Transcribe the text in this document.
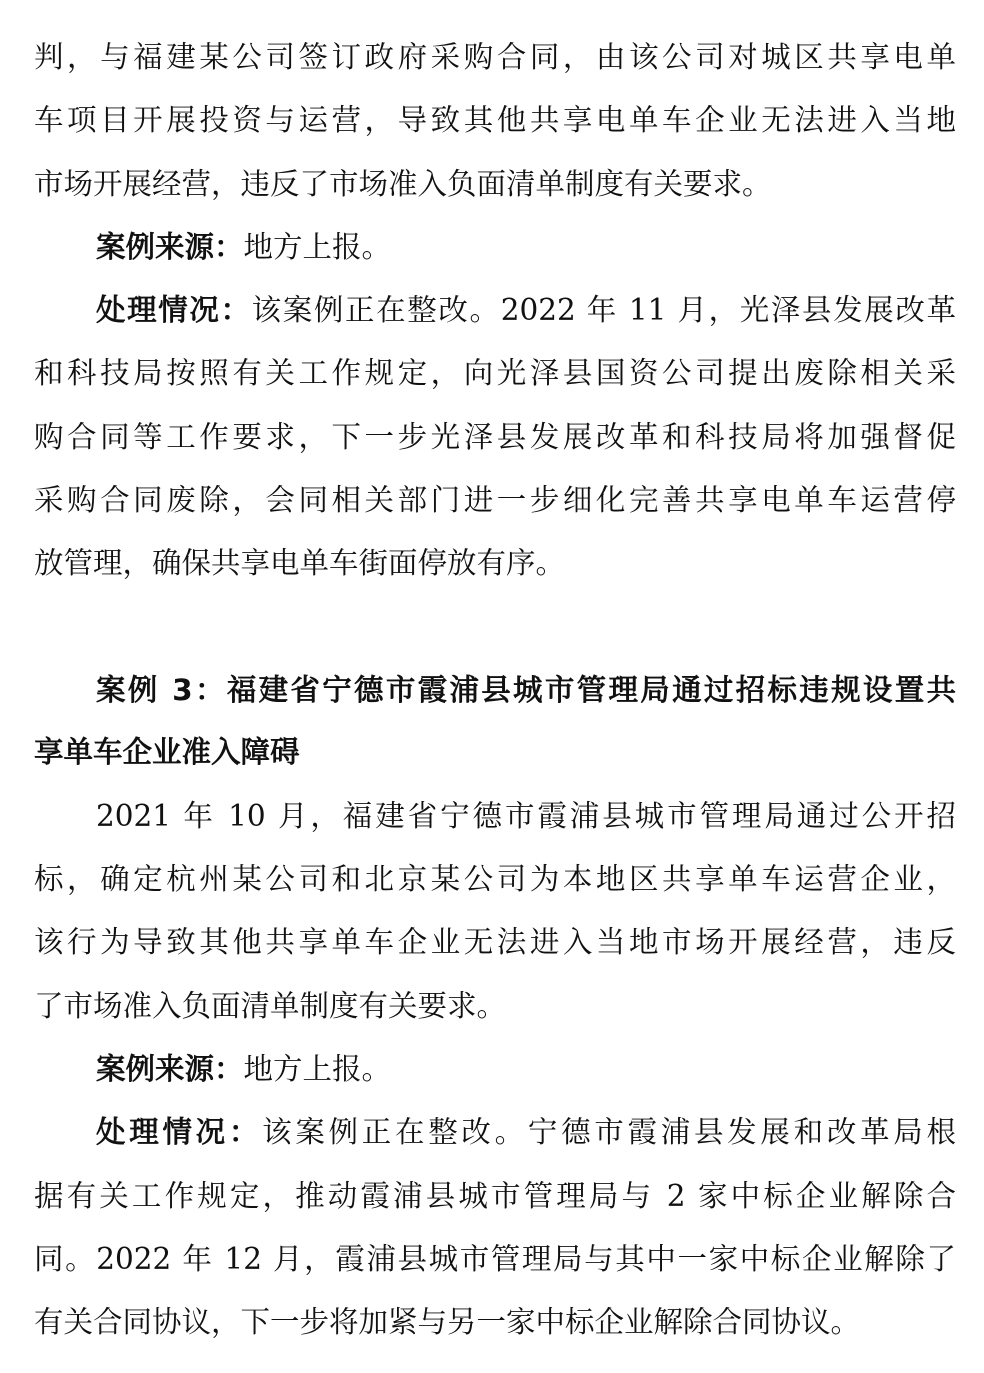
判，与福建某公司签订政府采购合同，由该公司对城区共享电单
车项目开展投资与运营，导致其他共享电单车企业无法进入当地
市场开展经营，违反了市场准入负面清单制度有关要求。
案例来源：地方上报。
处理情况：该案例正在整改。2022 年 11 月，光泽县发展改革
和科技局按照有关工作规定，向光泽县国资公司提出废除相关采
购合同等工作要求，下一步光泽县发展改革和科技局将加强督促
采购合同废除，会同相关部门进一步细化完善共享电单车运营停
放管理，确保共享电单车街面停放有序。
案例 3：福建省宁德市霞浦县城市管理局通过招标违规设置共
享单车企业准入障碍
2021 年 10 月，福建省宁德市霞浦县城市管理局通过公开招
标，确定杭州某公司和北京某公司为本地区共享单车运营企业，
该行为导致其他共享单车企业无法进入当地市场开展经营，违反
了市场准入负面清单制度有关要求。
案例来源：地方上报。
处理情况：该案例正在整改。宁德市霞浦县发展和改革局根
据有关工作规定，推动霞浦县城市管理局与 2 家中标企业解除合
同。2022 年 12 月，霞浦县城市管理局与其中一家中标企业解除了
有关合同协议，下一步将加紧与另一家中标企业解除合同协议。
